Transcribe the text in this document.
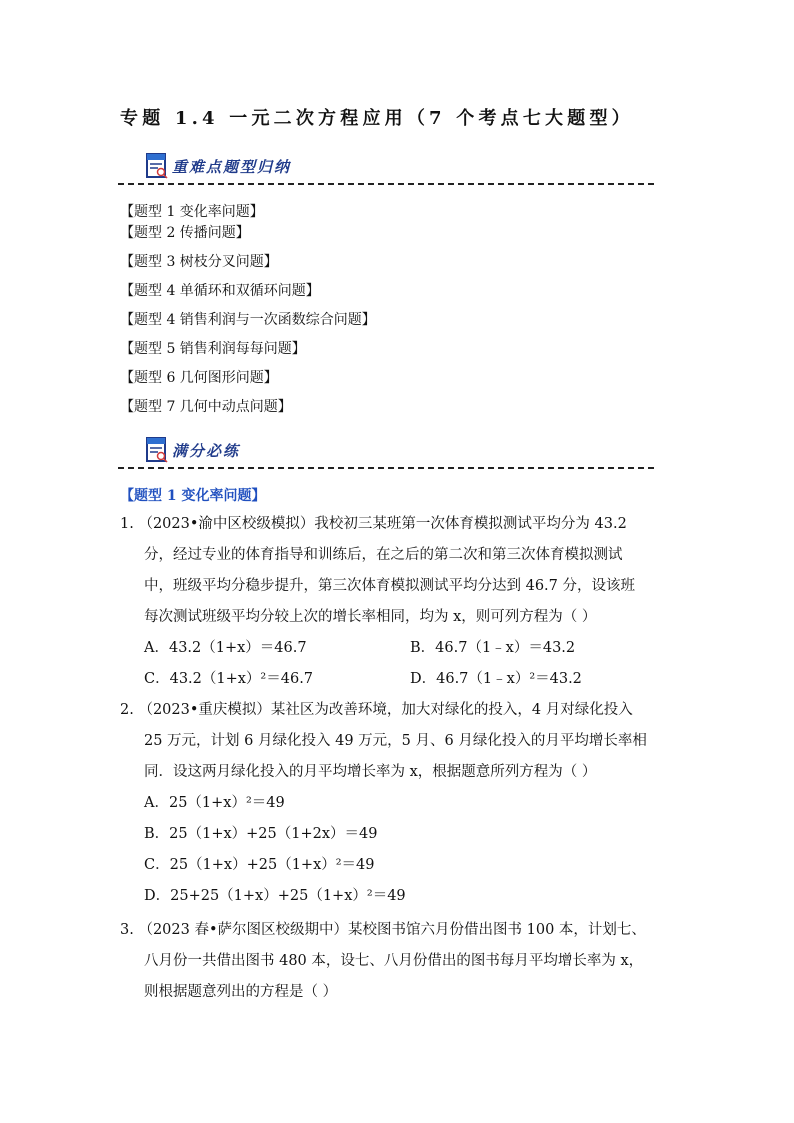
专题 1.4 一元二次方程应用（7 个考点七大题型）
重难点题型归纳
【题型 1 变化率问题】
【题型 2 传播问题】
【题型 3 树枝分叉问题】
【题型 4 单循环和双循环问题】
【题型 4 销售利润与一次函数综合问题】
【题型 5 销售利润每每问题】
【题型 6 几何图形问题】
【题型 7 几何中动点问题】
满分必练
【题型 1 变化率问题】
1. （2023•渝中区校级模拟）我校初三某班第一次体育模拟测试平均分为 43.2
分，经过专业的体育指导和训练后，在之后的第二次和第三次体育模拟测试
中，班级平均分稳步提升，第三次体育模拟测试平均分达到 46.7 分，设该班
每次测试班级平均分较上次的增长率相同，均为 x，则可列方程为（ ）
A．43.2（1+x）＝46.7	B．46.7（1﹣x）＝43.2
C．43.2（1+x）²＝46.7	D．46.7（1﹣x）²＝43.2
2. （2023•重庆模拟）某社区为改善环境，加大对绿化的投入，4 月对绿化投入
25 万元，计划 6 月绿化投入 49 万元，5 月、6 月绿化投入的月平均增长率相
同．设这两月绿化投入的月平均增长率为 x，根据题意所列方程为（ ）
A．25（1+x）²＝49
B．25（1+x）+25（1+2x）＝49
C．25（1+x）+25（1+x）²＝49
D．25+25（1+x）+25（1+x）²＝49
3. （2023 春•萨尔图区校级期中）某校图书馆六月份借出图书 100 本，计划七、
八月份一共借出图书 480 本，设七、八月份借出的图书每月平均增长率为 x，
则根据题意列出的方程是（ ）
